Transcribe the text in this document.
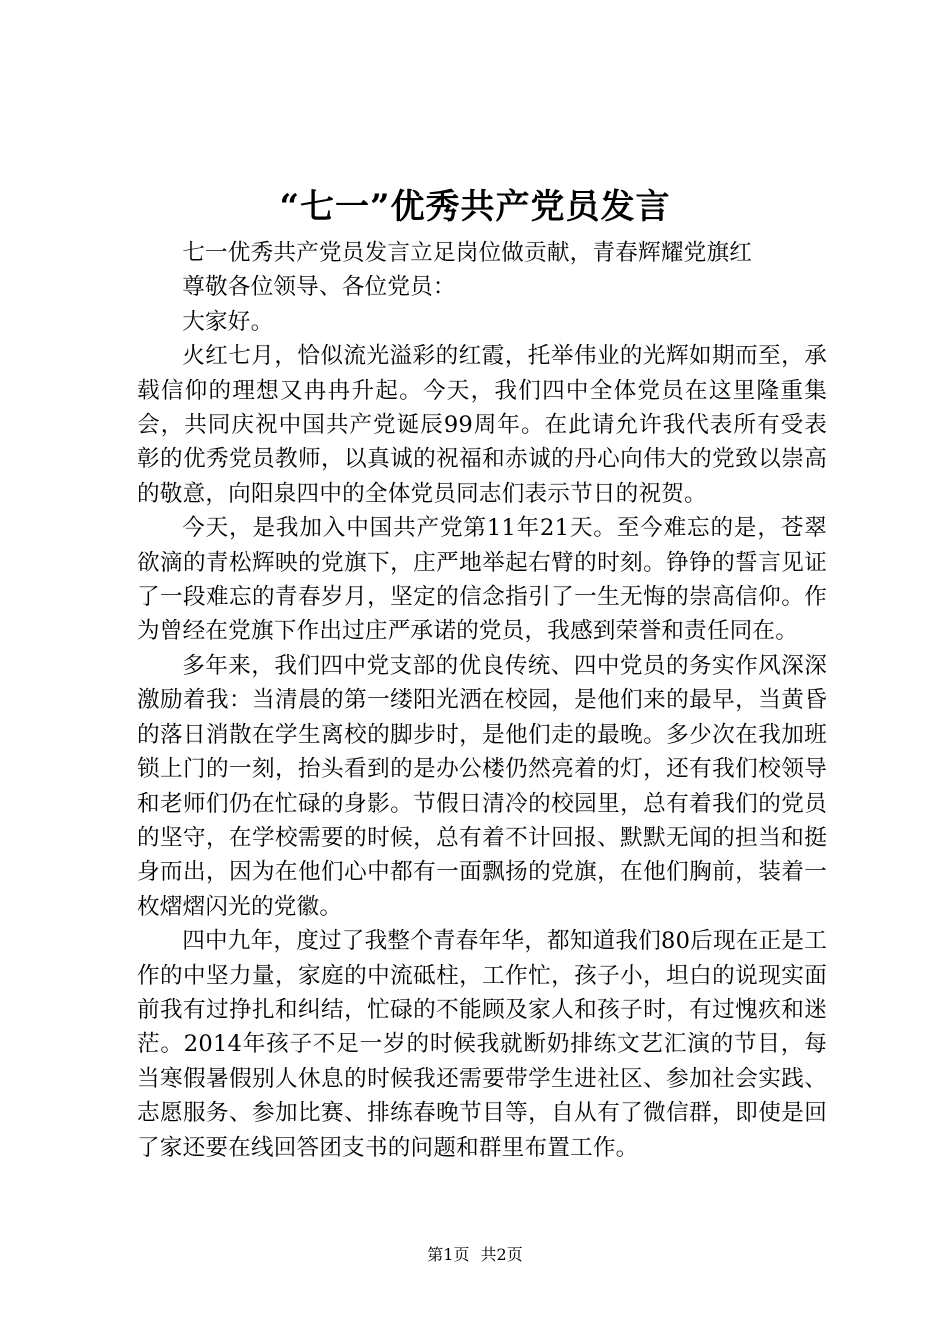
“七一”优秀共产党员发言

七一优秀共产党员发言立足岗位做贡献，青春辉耀党旗红

尊敬各位领导、各位党员：

大家好。

火红七月，恰似流光溢彩的红霞，托举伟业的光辉如期而至，承载信仰的理想又冉冉升起。今天，我们四中全体党员在这里隆重集会，共同庆祝中国共产党诞辰99周年。在此请允许我代表所有受表彰的优秀党员教师，以真诚的祝福和赤诚的丹心向伟大的党致以崇高的敬意，向阳泉四中的全体党员同志们表示节日的祝贺。

今天，是我加入中国共产党第11年21天。至今难忘的是，苍翠欲滴的青松辉映的党旗下，庄严地举起右臂的时刻。铮铮的誓言见证了一段难忘的青春岁月，坚定的信念指引了一生无悔的崇高信仰。作为曾经在党旗下作出过庄严承诺的党员，我感到荣誉和责任同在。

多年来，我们四中党支部的优良传统、四中党员的务实作风深深激励着我：当清晨的第一缕阳光洒在校园，是他们来的最早，当黄昏的落日消散在学生离校的脚步时，是他们走的最晚。多少次在我加班锁上门的一刻，抬头看到的是办公楼仍然亮着的灯，还有我们校领导和老师们仍在忙碌的身影。节假日清冷的校园里，总有着我们的党员的坚守，在学校需要的时候，总有着不计回报、默默无闻的担当和挺身而出，因为在他们心中都有一面飘扬的党旗，在他们胸前，装着一枚熠熠闪光的党徽。

四中九年，度过了我整个青春年华，都知道我们80后现在正是工作的中坚力量，家庭的中流砥柱，工作忙，孩子小，坦白的说现实面前我有过挣扎和纠结，忙碌的不能顾及家人和孩子时，有过愧疚和迷茫。2014年孩子不足一岁的时候我就断奶排练文艺汇演的节目，每当寒假暑假别人休息的时候我还需要带学生进社区、参加社会实践、志愿服务、参加比赛、排练春晚节目等，自从有了微信群，即使是回了家还要在线回答团支书的问题和群里布置工作。

第1页 共2页
